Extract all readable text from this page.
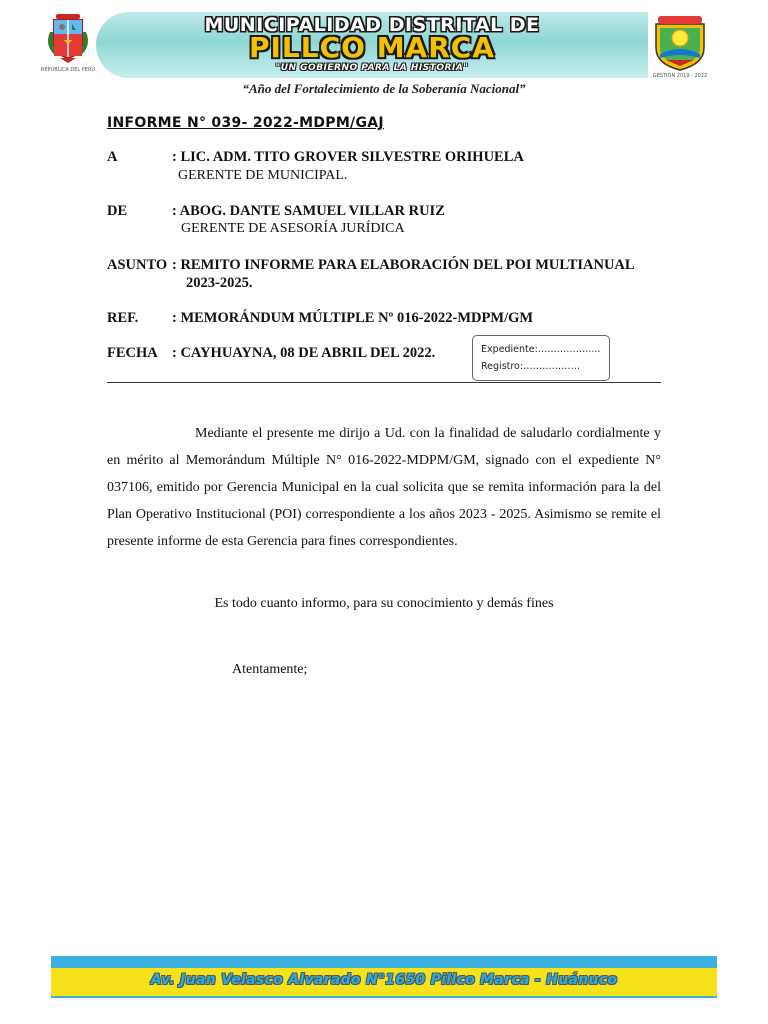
REPÚBLICA DEL PERÚ
MUNICIPALIDAD DISTRITAL DE
PILLCO MARCA
"UN GOBIERNO PARA LA HISTORIA"
GESTIÓN 2019 - 2022
“Año del Fortalecimiento de la Soberanía Nacional”
INFORME N° 039- 2022-MDPM/GAJ
A	: LIC. ADM. TITO GROVER SILVESTRE ORIHUELA
GERENTE DE MUNICIPAL.
DE	: ABOG. DANTE SAMUEL VILLAR RUIZ
GERENTE DE ASESORÍA JURÍDICA
ASUNTO : REMITO INFORME PARA ELABORACIÓN DEL POI MULTIANUAL
2023-2025.
REF. : MEMORÁNDUM MÚLTIPLE Nº 016-2022-MDPM/GM
FECHA : CAYHUAYNA, 08 DE ABRIL DEL 2022.	Expediente:…………….....
Registro:………………
Mediante el presente me dirijo a Ud. con la finalidad de saludarlo cordialmente y en mérito al Memorándum Múltiple N° 016-2022-MDPM/GM, signado con el expediente N° 037106, emitido por Gerencia Municipal en la cual solicita que se remita información para la del Plan Operativo Institucional (POI) correspondiente a los años 2023 - 2025. Asimismo se remite el presente informe de esta Gerencia para fines correspondientes.
Es todo cuanto informo, para su conocimiento y demás fines
Atentamente;
Av. Juan Velasco Alvarado N°1650 Pillco Marca - Huánuco
